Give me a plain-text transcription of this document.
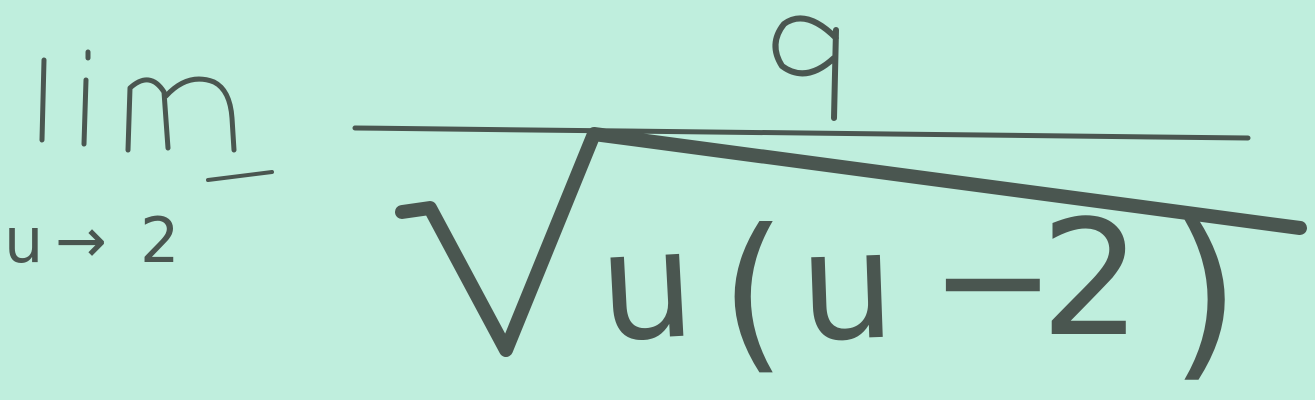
u → 2	u ( u −
2 )
